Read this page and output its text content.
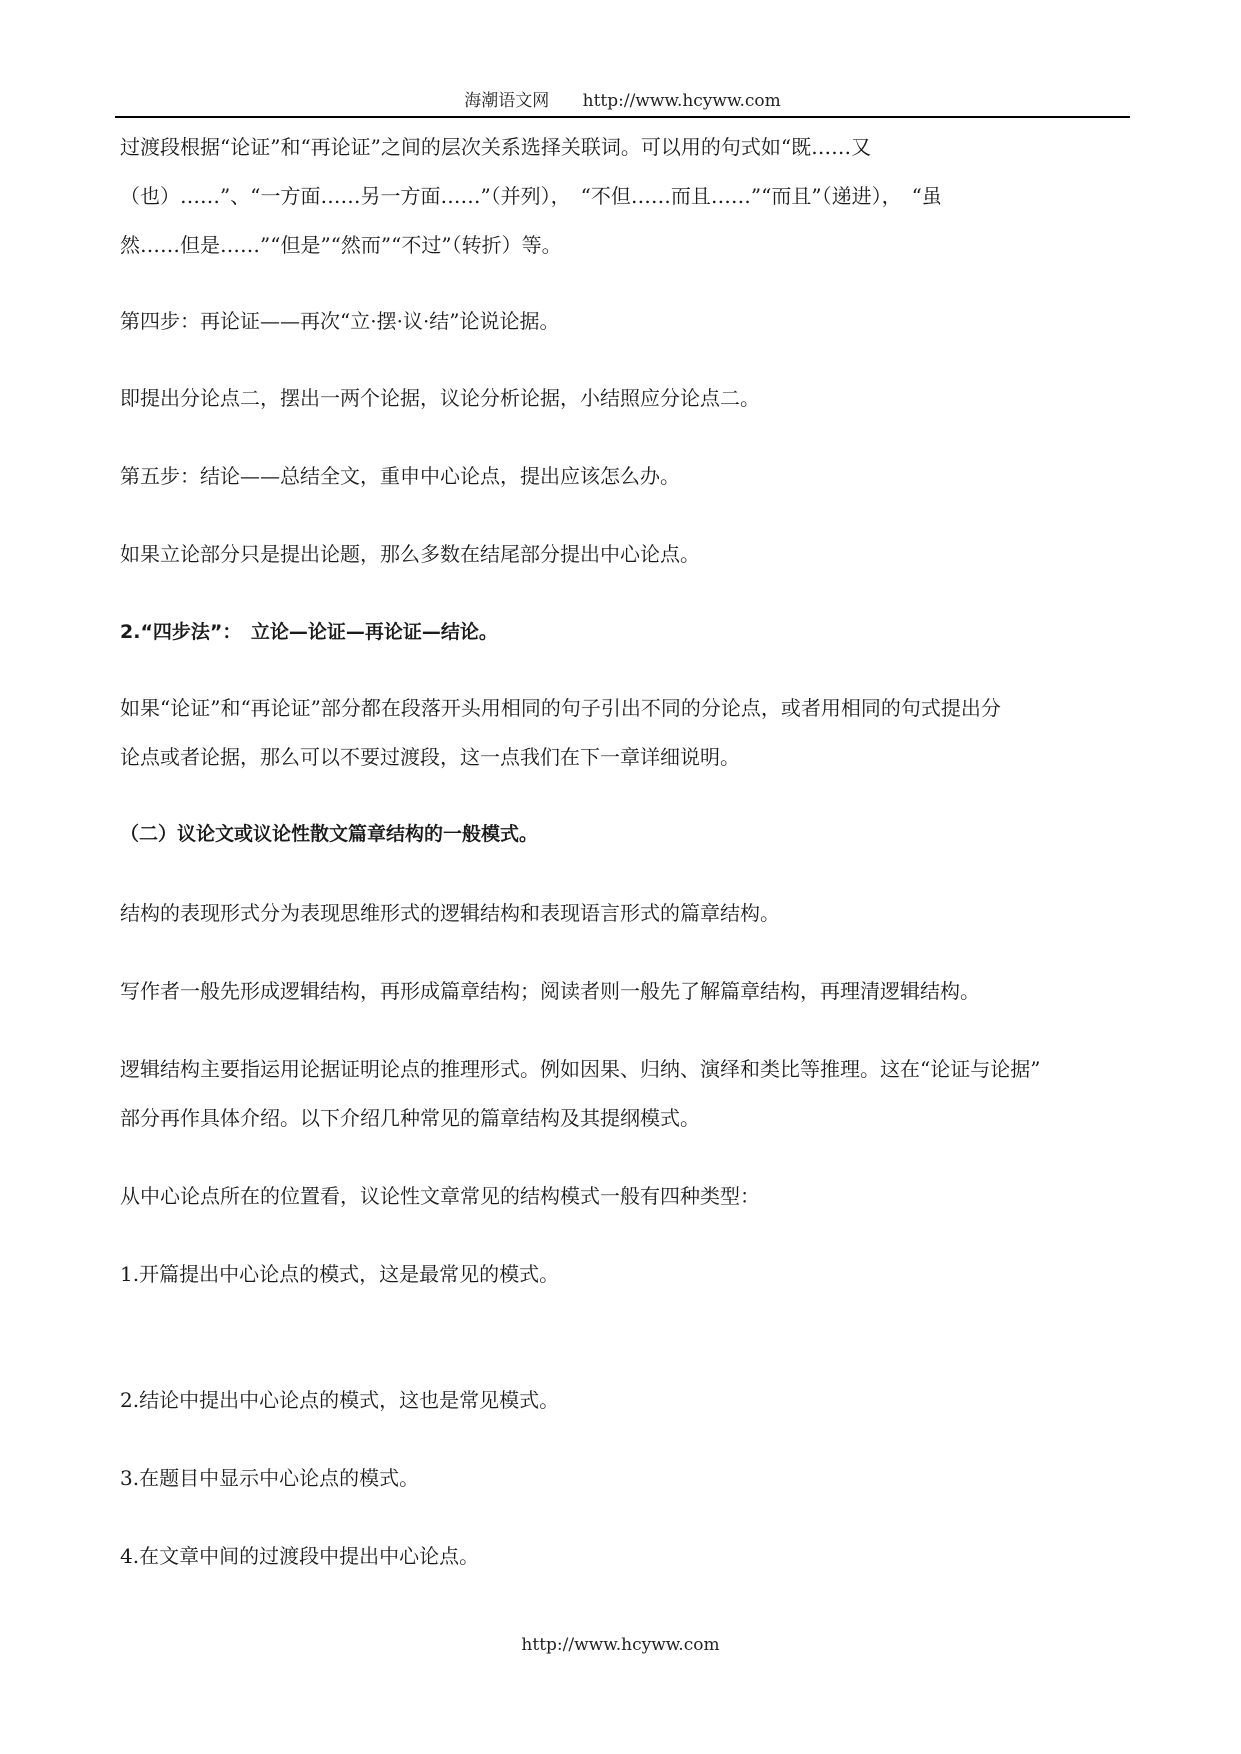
海潮语文网 http://www.hcyww.com
过渡段根据“论证”和“再论证”之间的层次关系选择关联词。可以用的句式如“既……又
（也）……”、“一方面……另一方面……”（并列），　“不但……而且……”“而且”（递进），　“虽
然……但是……”“但是”“然而”“不过”（转折）等。
第四步：再论证——再次“立·摆·议·结”论说论据。
即提出分论点二，摆出一两个论据，议论分析论据，小结照应分论点二。
第五步：结论——总结全文，重申中心论点，提出应该怎么办。
如果立论部分只是提出论题，那么多数在结尾部分提出中心论点。
2.“四步法”：　立论—论证—再论证—结论。
如果“论证”和“再论证”部分都在段落开头用相同的句子引出不同的分论点，或者用相同的句式提出分
论点或者论据，那么可以不要过渡段，这一点我们在下一章详细说明。
（二）议论文或议论性散文篇章结构的一般模式。
结构的表现形式分为表现思维形式的逻辑结构和表现语言形式的篇章结构。
写作者一般先形成逻辑结构，再形成篇章结构；阅读者则一般先了解篇章结构，再理清逻辑结构。
逻辑结构主要指运用论据证明论点的推理形式。例如因果、归纳、演绎和类比等推理。这在“论证与论据”
部分再作具体介绍。以下介绍几种常见的篇章结构及其提纲模式。
从中心论点所在的位置看，议论性文章常见的结构模式一般有四种类型：
1.开篇提出中心论点的模式，这是最常见的模式。
2.结论中提出中心论点的模式，这也是常见模式。
3.在题目中显示中心论点的模式。
4.在文章中间的过渡段中提出中心论点。
http://www.hcyww.com
